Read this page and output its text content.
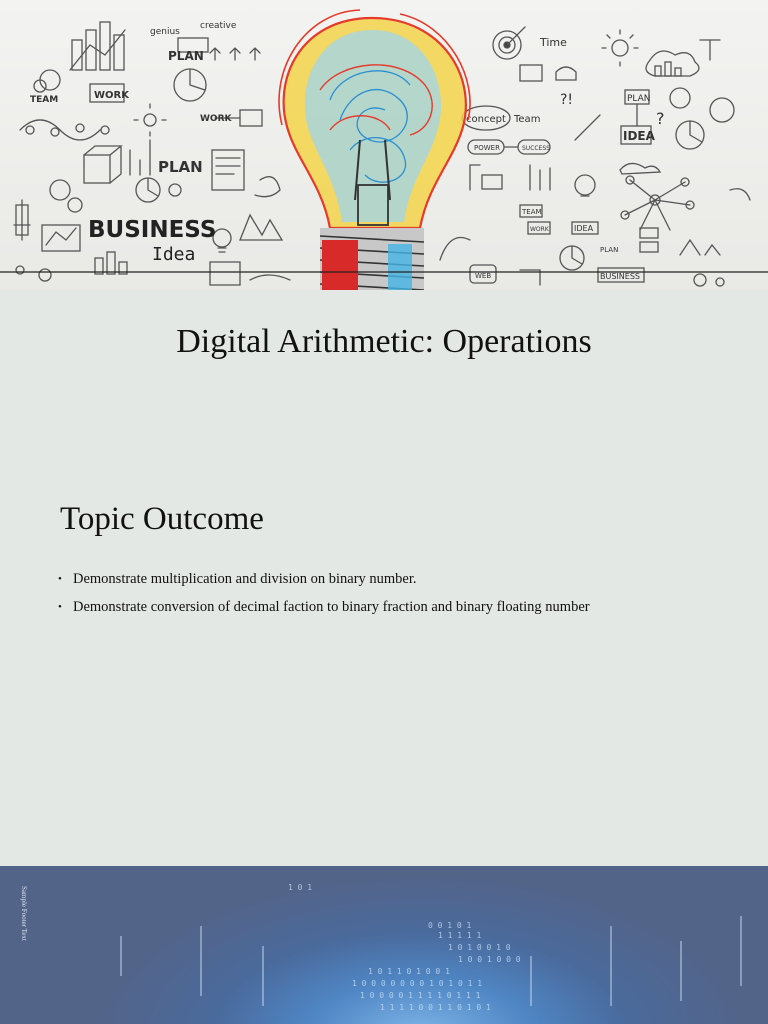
genius
creative
PLAN
WORK
TEAM
WORK
PLAN
BUSINESS
Idea
Time
concept Team
POWER	SUCCESS
PLAN
IDEA
TEAM
WORK	IDEA
PLAN
BUSINESS
WEB
?!
?
Digital Arithmetic: Operations
Topic Outcome
• Demonstrate multiplication and division on binary number.
• Demonstrate conversion of decimal faction to binary fraction and binary floating number
1 0 1
0 0 1 0 1
1 1 1 1 1
1 0 1 0 0 1 0
1 0 0 1 0 0 0
1 0 1 1 0 1 0 0 1
1 0 0 0 0 0 0 0 1 0 1 0 1 1
1 0 0 0 0 1 1 1 1 0 1 1 1
1 1 1 1 0 0 1 1 0 1 0 1
Sample Footer Text
